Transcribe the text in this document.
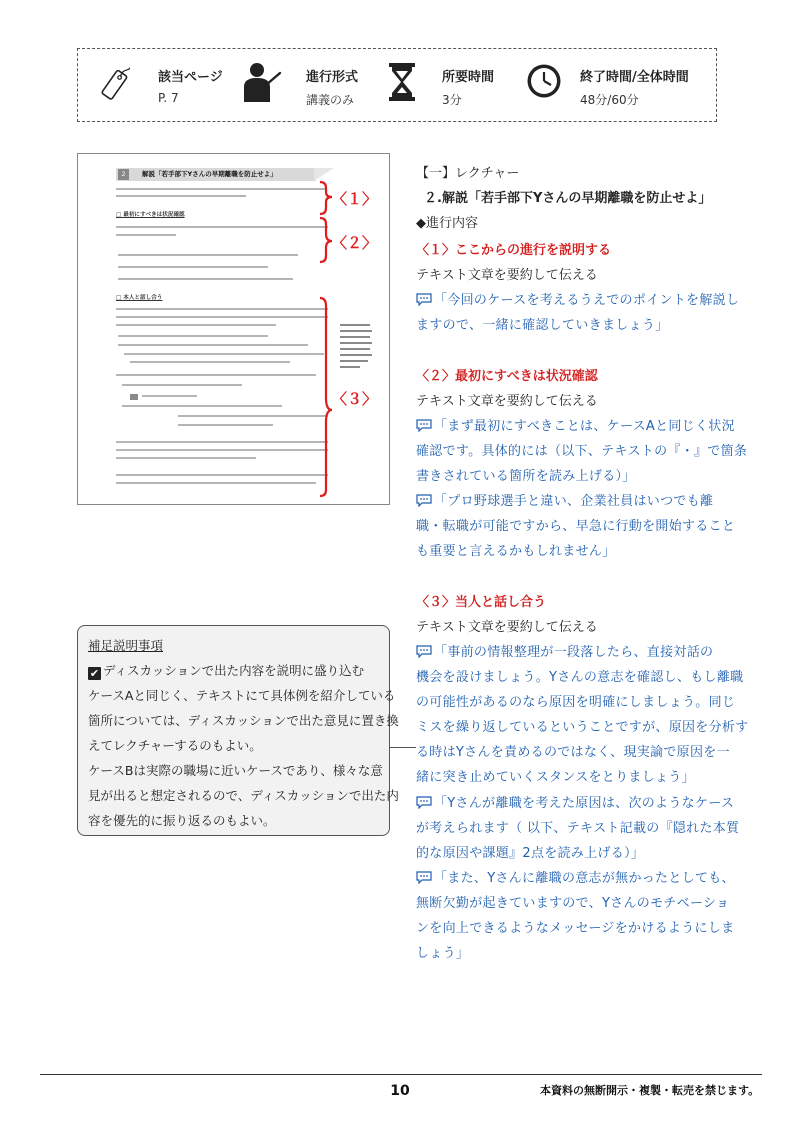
該当ページ
P. 7
進行形式
講義のみ
所要時間
3分
終了時間/全体時間
48分/60分
解説「若手部下Yさんの早期離職を防止せよ」
2
□ 最初にすべきは状況確認
□ 本人と話し合う
〈１〉
〈２〉
〈３〉
【一】レクチャー
２.解説「若手部下Yさんの早期離職を防止せよ」
◆進行内容
〈１〉ここからの進行を説明する
テキスト文章を要約して伝える
「今回のケースを考えるうえでのポイントを解説し
ますので、一緒に確認していきましょう」
〈２〉最初にすべきは状況確認
テキスト文章を要約して伝える
「まず最初にすべきことは、ケースAと同じく状況
確認です。具体的には（以下、テキストの『・』で箇条
書きされている箇所を読み上げる）」
「プロ野球選手と違い、企業社員はいつでも離
職・転職が可能ですから、早急に行動を開始すること
も重要と言えるかもしれません」
〈３〉当人と話し合う
テキスト文章を要約して伝える
「事前の情報整理が一段落したら、直接対話の
機会を設けましょう。Yさんの意志を確認し、もし離職
の可能性があるのなら原因を明確にしましょう。同じ
ミスを繰り返しているということですが、原因を分析す
る時はYさんを責めるのではなく、現実論で原因を一
緒に突き止めていくスタンスをとりましょう」
「Yさんが離職を考えた原因は、次のようなケース
が考えられます（ 以下、テキスト記載の『隠れた本質
的な原因や課題』2点を読み上げる）」
「また、Yさんに離職の意志が無かったとしても、
無断欠勤が起きていますので、Yさんのモチベーショ
ンを向上できるようなメッセージをかけるようにしま
しょう」
補足説明事項
✔ ディスカッションで出た内容を説明に盛り込む
ケースAと同じく、テキストにて具体例を紹介している
箇所については、ディスカッションで出た意見に置き換
えてレクチャーするのもよい。
ケースBは実際の職場に近いケースであり、様々な意
見が出ると想定されるので、ディスカッションで出た内
容を優先的に振り返るのもよい。
10	本資料の無断開示・複製・転売を禁じます。
